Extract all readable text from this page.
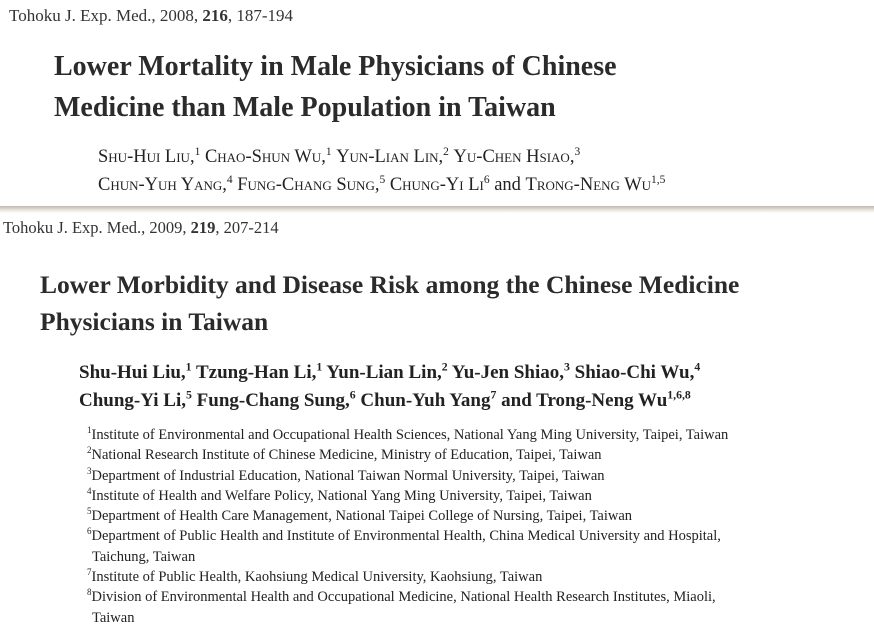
Tohoku J. Exp. Med., 2008, 216, 187-194
Lower Mortality in Male Physicians of Chinese
Medicine than Male Population in Taiwan
Shu-Hui Liu,$^1$ Chao-Shun Wu,$^1$ Yun-Lian Lin,$^2$ Yu-Chen Hsiao,$^3$
Chun-Yuh Yang,$^4$ Fung-Chang Sung,$^5$ Chung-Yi Li$^6$ and Trong-Neng Wu$^{1,5}$
Tohoku J. Exp. Med., 2009, 219, 207-214
Lower Morbidity and Disease Risk among the Chinese Medicine
Physicians in Taiwan
Shu-Hui Liu,$^1$ Tzung-Han Li,$^1$ Yun-Lian Lin,$^2$ Yu-Jen Shiao,$^3$ Shiao-Chi Wu,$^4$
Chung-Yi Li,$^5$ Fung-Chang Sung,$^6$ Chun-Yuh Yang$^7$ and Trong-Neng Wu$^{1,6,8}$
$^1$Institute of Environmental and Occupational Health Sciences, National Yang Ming University, Taipei, Taiwan
$^2$National Research Institute of Chinese Medicine, Ministry of Education, Taipei, Taiwan
$^3$Department of Industrial Education, National Taiwan Normal University, Taipei, Taiwan
$^4$Institute of Health and Welfare Policy, National Yang Ming University, Taipei, Taiwan
$^5$Department of Health Care Management, National Taipei College of Nursing, Taipei, Taiwan
$^6$Department of Public Health and Institute of Environmental Health, China Medical University and Hospital,
Taichung, Taiwan
$^7$Institute of Public Health, Kaohsiung Medical University, Kaohsiung, Taiwan
$^8$Division of Environmental Health and Occupational Medicine, National Health Research Institutes, Miaoli,
Taiwan
